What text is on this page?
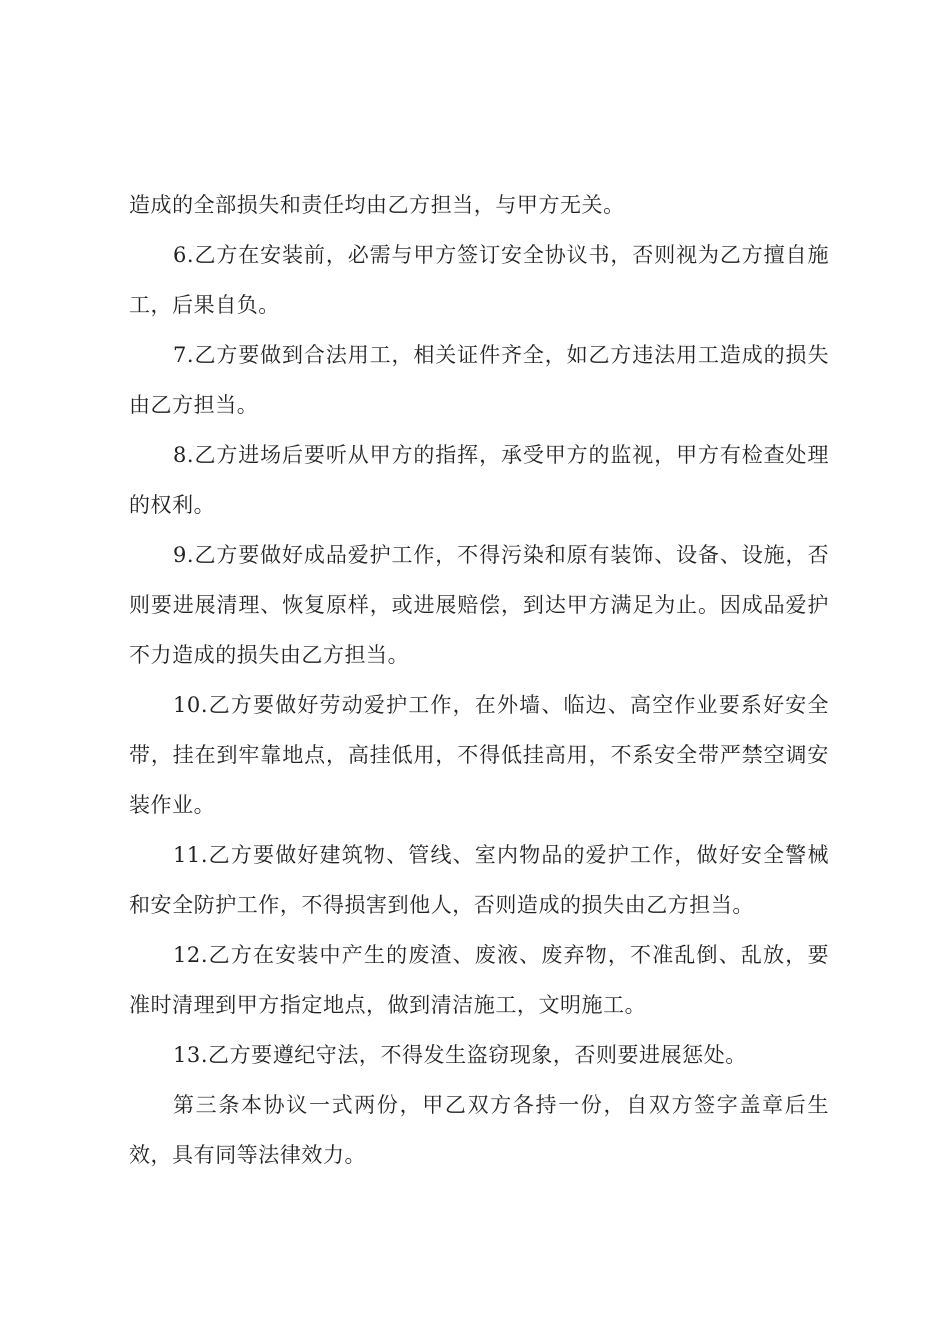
造成的全部损失和责任均由乙方担当，与甲方无关。

6.乙方在安装前，必需与甲方签订安全协议书，否则视为乙方擅自施工，后果自负。

7.乙方要做到合法用工，相关证件齐全，如乙方违法用工造成的损失由乙方担当。

8.乙方进场后要听从甲方的指挥，承受甲方的监视，甲方有检查处理的权利。

9.乙方要做好成品爱护工作，不得污染和原有装饰、设备、设施，否则要进展清理、恢复原样，或进展赔偿，到达甲方满足为止。因成品爱护不力造成的损失由乙方担当。

10.乙方要做好劳动爱护工作，在外墙、临边、高空作业要系好安全带，挂在到牢靠地点，高挂低用，不得低挂高用，不系安全带严禁空调安装作业。

11.乙方要做好建筑物、管线、室内物品的爱护工作，做好安全警械和安全防护工作，不得损害到他人，否则造成的损失由乙方担当。

12.乙方在安装中产生的废渣、废液、废弃物，不准乱倒、乱放，要准时清理到甲方指定地点，做到清洁施工，文明施工。

13.乙方要遵纪守法，不得发生盗窃现象，否则要进展惩处。

第三条本协议一式两份，甲乙双方各持一份，自双方签字盖章后生效，具有同等法律效力。
